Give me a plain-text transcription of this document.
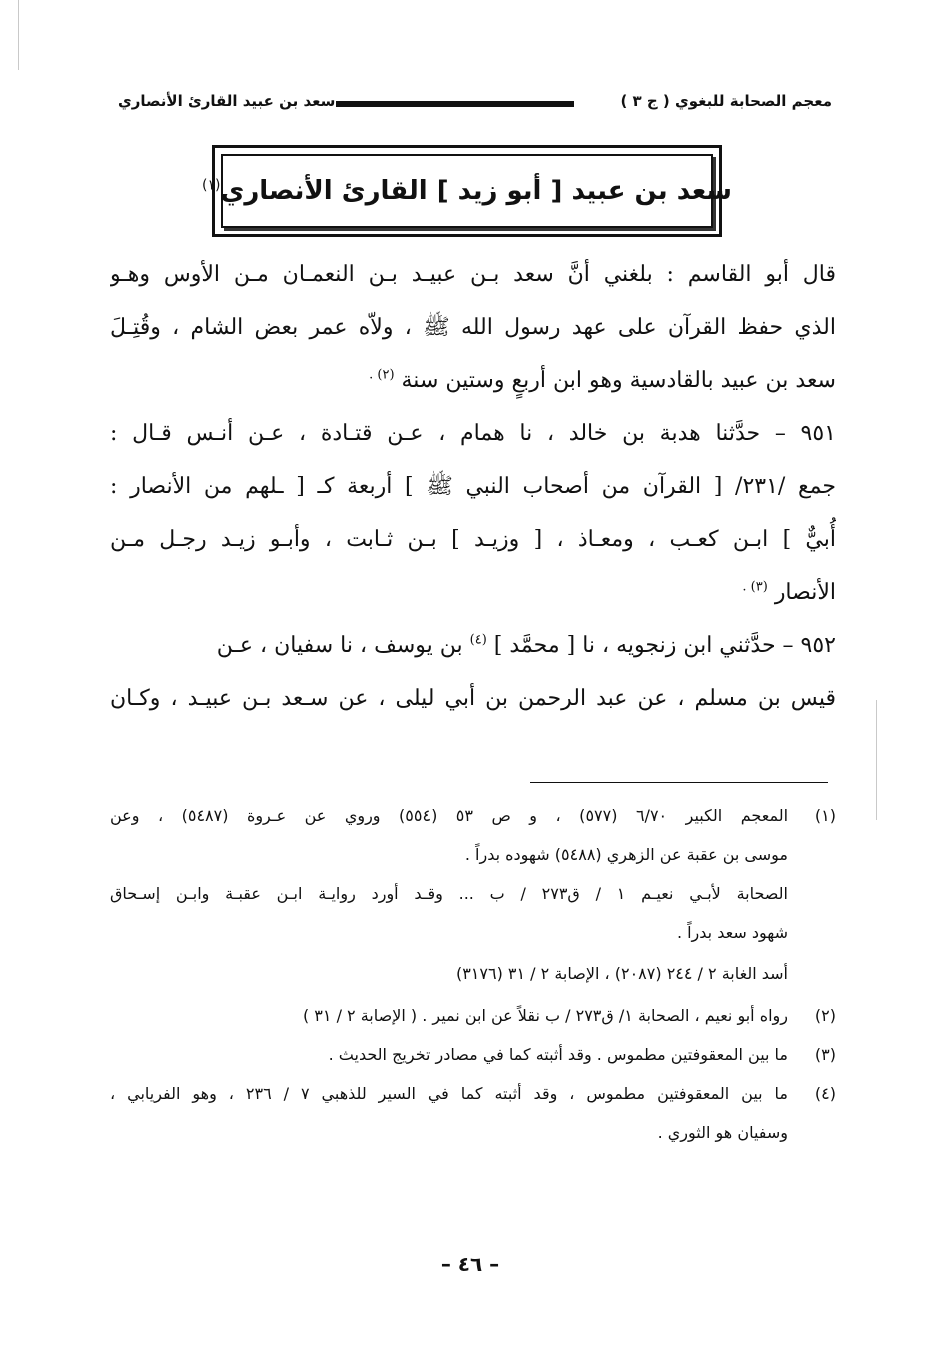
معجم الصحابة للبغوي ( ج ٣ )
سعد بن عبيد القارئ الأنصاري
سعد بن عبيد [ أبو زيد ] القارئ الأنصاري$^{(١)}$
قال أبو القاسم : بلغني أنَّ سعد بـن عبيـد بـن النعمـان مـن الأوس وهـو
الذي حفظ القرآن على عهد رسول الله ﷺ ، ولاّه عمر بعض الشام ، وقُتِـلَ
سعد بن عبيد بالقادسية وهو ابن أربعٍ وستين سنة $^{(٢) .}$
٩٥١ – حدَّثنا هدبة بن خالد ، نا همام ، عـن قتـادة ، عـن أنـس قـال :
جمع /٢٣١/ [ القرآن من أصحاب النبي ﷺ ] أربعة كـ [ ـلهم من الأنصار :
أُبيٌّ ] ابـن كعـب ، ومعـاذ ، [ وزيـد ] بـن ثـابت ، وأبـو زيـد رجـل مـن
الأنصار $^{(٣) .}$
٩٥٢ – حدَّثني ابن زنجويه ، نا [ محمَّد ] $^{(٤)}$ بن يوسف ، نا سفيان ، عـن
قيس بن مسلم ، عن عبد الرحمن بن أبي ليلى ، عن سـعد بـن عبيـد ، وكـان
(١)
المعجم الكبير ٦/٧٠ (٥٧٧) ، و ص ٥٣ (٥٥٤) وروي عن عـروة (٥٤٨٧) ، وعن
موسى بن عقبة عن الزهري (٥٤٨٨) شهوده بدراً .
الصحابة لأبـي نعيـم ١ / ق٢٧٣ / ب ... وقـد أورد روايـة ابـن عقبـة وابـن إسـحاق
شهود سعد بدراً .
أسد الغابة ٢ / ٢٤٤ (٢٠٨٧) ، الإصابة ٢ / ٣١ (٣١٧٦)
(٢)
رواه أبو نعيم ، الصحابة ١/ ق٢٧٣ / ب نقلاً عن ابن نمير . ( الإصابة ٢ / ٣١ )
(٣)
ما بين المعقوفتين مطموس . وقد أثبته كما في مصادر تخريج الحديث .
(٤)
ما بين المعقوفتين مطموس ، وقد أثبته كما في السير للذهبي ٧ / ٢٣٦ ، وهو الفريابي ،
وسفيان هو الثوري .
– ٤٦ –
